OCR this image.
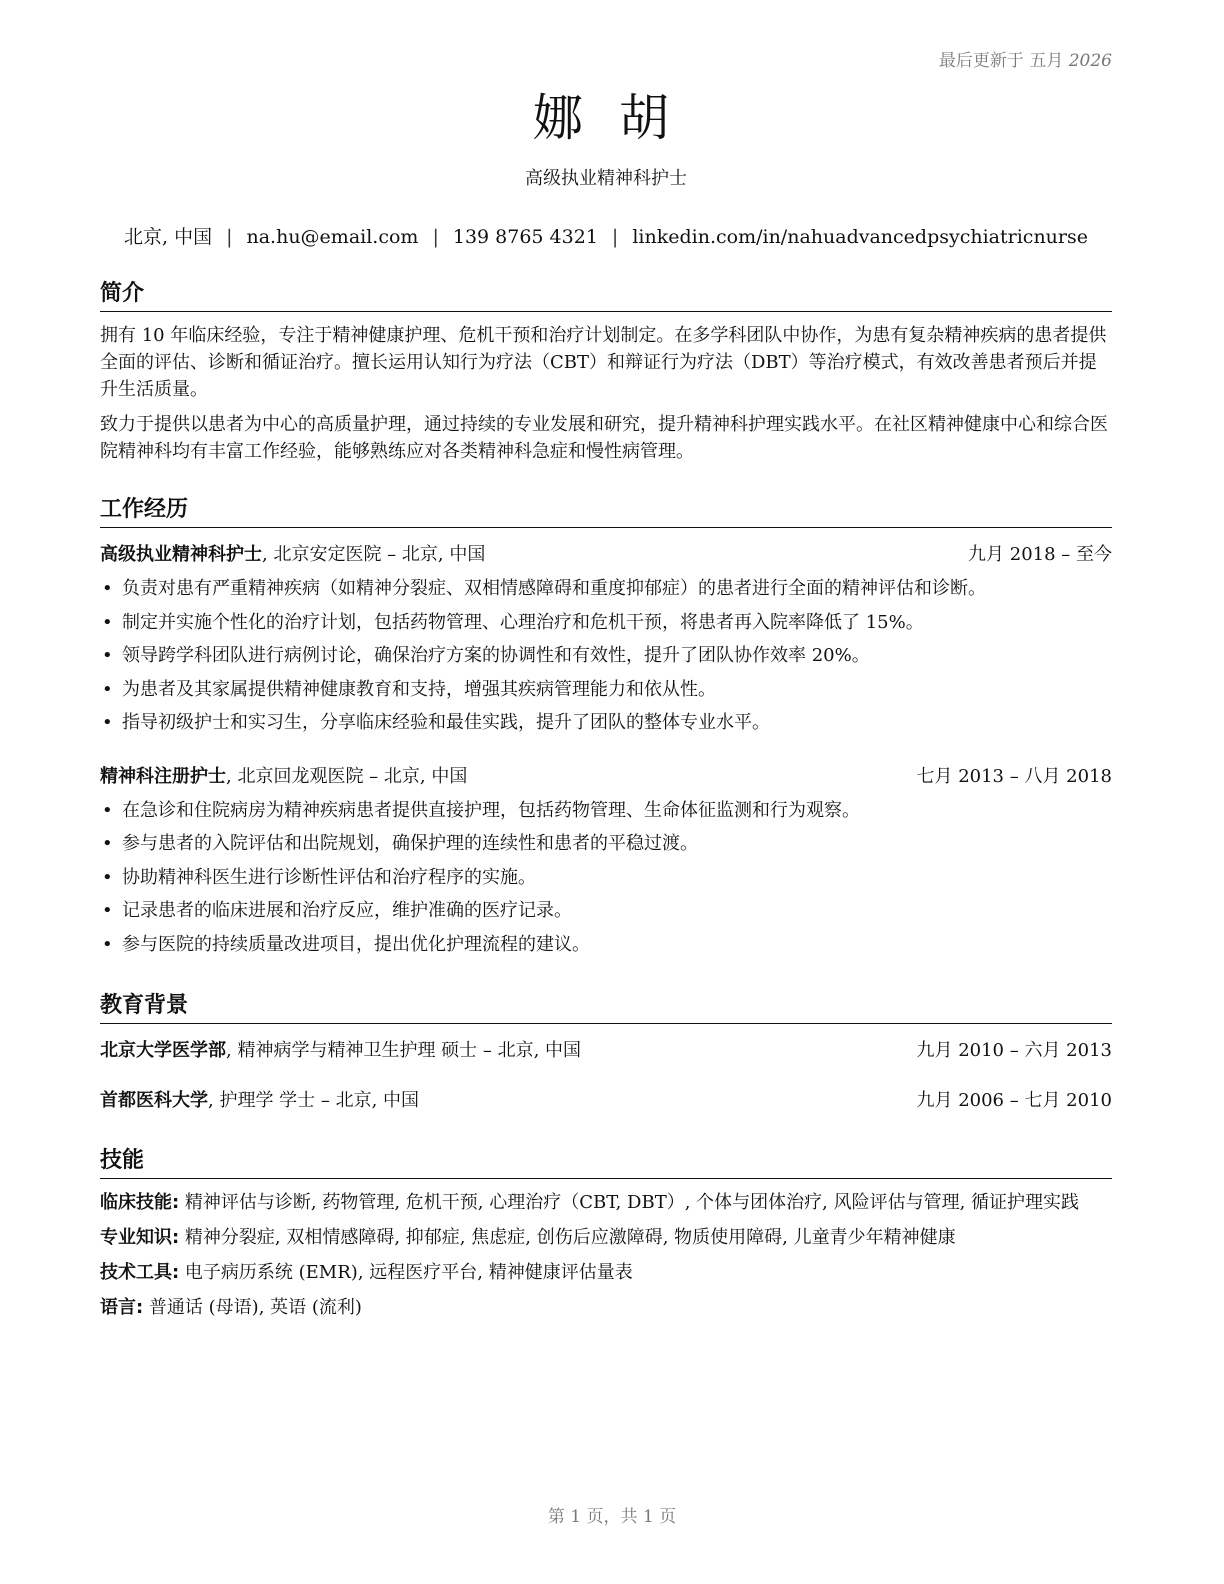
最后更新于 五月 2026
娜 胡
高级执业精神科护士
北京, 中国 | na.hu@email.com | 139 8765 4321 | linkedin.com/in/nahuadvancedpsychiatricnurse
简介

拥有 10 年临床经验，专注于精神健康护理、危机干预和治疗计划制定。在多学科团队中协作，为患有复杂精神疾病的患者提供全面的评估、诊断和循证治疗。擅长运用认知行为疗法（CBT）和辩证行为疗法（DBT）等治疗模式，有效改善患者预后并提升生活质量。

致力于提供以患者为中心的高质量护理，通过持续的专业发展和研究，提升精神科护理实践水平。在社区精神健康中心和综合医院精神科均有丰富工作经验，能够熟练应对各类精神科急症和慢性病管理。

工作经历
高级执业精神科护士, 北京安定医院 – 北京, 中国	九月 2018 – 至今
• 负责对患有严重精神疾病（如精神分裂症、双相情感障碍和重度抑郁症）的患者进行全面的精神评估和诊断。
• 制定并实施个性化的治疗计划，包括药物管理、心理治疗和危机干预，将患者再入院率降低了 15%。
• 领导跨学科团队进行病例讨论，确保治疗方案的协调性和有效性，提升了团队协作效率 20%。
• 为患者及其家属提供精神健康教育和支持，增强其疾病管理能力和依从性。
• 指导初级护士和实习生，分享临床经验和最佳实践，提升了团队的整体专业水平。
精神科注册护士, 北京回龙观医院 – 北京, 中国	七月 2013 – 八月 2018
• 在急诊和住院病房为精神疾病患者提供直接护理，包括药物管理、生命体征监测和行为观察。
• 参与患者的入院评估和出院规划，确保护理的连续性和患者的平稳过渡。
• 协助精神科医生进行诊断性评估和治疗程序的实施。
• 记录患者的临床进展和治疗反应，维护准确的医疗记录。
• 参与医院的持续质量改进项目，提出优化护理流程的建议。
教育背景
北京大学医学部, 精神病学与精神卫生护理 硕士 – 北京, 中国	九月 2010 – 六月 2013
首都医科大学, 护理学 学士 – 北京, 中国	九月 2006 – 七月 2010
技能
临床技能: 精神评估与诊断, 药物管理, 危机干预, 心理治疗（CBT, DBT）, 个体与团体治疗, 风险评估与管理, 循证护理实践
专业知识: 精神分裂症, 双相情感障碍, 抑郁症, 焦虑症, 创伤后应激障碍, 物质使用障碍, 儿童青少年精神健康
技术工具: 电子病历系统 (EMR), 远程医疗平台, 精神健康评估量表
语言: 普通话 (母语), 英语 (流利)
第 1 页，共 1 页
